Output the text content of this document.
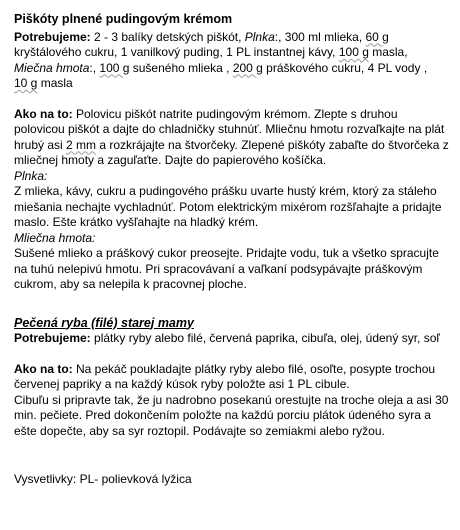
Piškóty plnené pudingovým krémom

Potrebujeme: 2 - 3 balíky detských piškót, Plnka:, 300 ml mlieka, 60 g kryštálového cukru, 1 vanilkový puding, 1 PL instantnej kávy, 100 g masla,
Miečna hmota:, 100 g sušeného mlieka , 200 g práškového cukru, 4 PL vody ,
10 g masla

Ako na to: Polovicu piškót natrite pudingovým krémom. Zlepte s druhou polovicou piškót a dajte do chladničky stuhnúť. Mliečnu hmotu rozvaľkajte na plát hrubý asi 2 mm a rozkrájajte na štvorčeky. Zlepené piškóty zabaľte do štvorčeka z mliečnej hmoty a zaguľaťte. Dajte do papierového košíčka.

Plnka:

Z mlieka, kávy, cukru a pudingového prášku uvarte hustý krém, ktorý za stáleho miešania nechajte vychladnúť. Potom elektrickým mixérom rozšľahajte a pridajte maslo. Ešte krátko vyšľahajte na hladký krém.

Mliečna hmota:

Sušené mlieko a práškový cukor preosejte. Pridajte vodu, tuk a všetko spracujte na tuhú nelepivú hmotu. Pri spracovávaní a vaľkaní podsypávajte práškovým cukrom, aby sa nelepila k pracovnej ploche.

Pečená ryba (filé) starej mamy

Potrebujeme: plátky ryby alebo filé, červená paprika, cibuľa, olej, údený syr, soľ

Ako na to: Na pekáč poukladajte plátky ryby alebo filé, osoľte, posypte trochou červenej papriky a na každý kúsok ryby položte asi 1 PL cibule.

Cibuľu si pripravte tak, že ju nadrobno posekanú orestujte na troche oleja a asi 30 min. pečiete. Pred dokončením položte na každú porciu plátok údeného syra a ešte dopečte, aby sa syr roztopil. Podávajte so zemiakmi alebo ryžou.

Vysvetlivky: PL- polievková lyžica
